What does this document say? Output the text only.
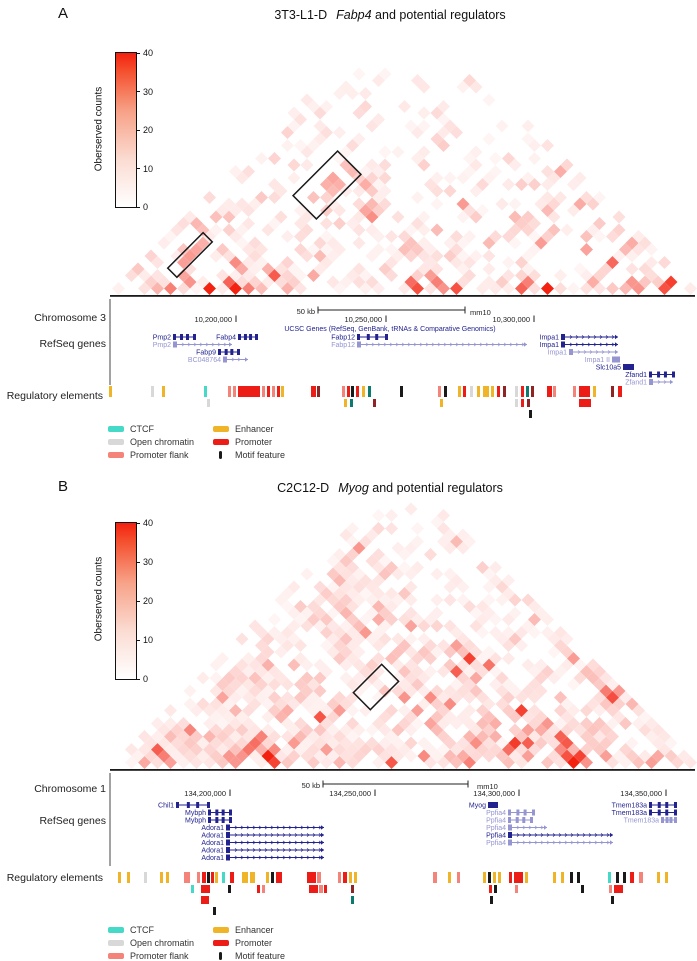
50 kb	mm10
10,200,000	10,250,000	10,300,000
UCSC Genes (RefSeq, GenBank, tRNAs & Comparative Genomics)
Pmp2	Fabp4	Fabp12	Impa1
Pmp2	Fabp12	Impa1
Fabp9	Impa1
BC048764	Impa1 II
Slc10a5
Zfand1
Zfand1
A	3T3-L1-D Fabp4 and potential regulators
40
30
20
10
0
Oberserved counts
Chromosome 3
RefSeq genes
Regulatory elements
CTCF
Open chromatin
Promoter flank
Enhancer
Promoter
Motif feature
50 kb	mm10
134,200,000	134,250,000	134,300,000	134,350,000
Chil1	Myog	Tmem183a
Mybph	Ppfia4	Tmem183a
Mybph	Ppfia4	Tmem183a
Adora1	Ppfia4
Adora1	Ppfia4
Adora1	Ppfia4
Adora1
Adora1
B	C2C12-D Myog and potential regulators
40
30
20
10
0
Oberserved counts
Chromosome 1
RefSeq genes
Regulatory elements
CTCF
Open chromatin
Promoter flank
Enhancer
Promoter
Motif feature
